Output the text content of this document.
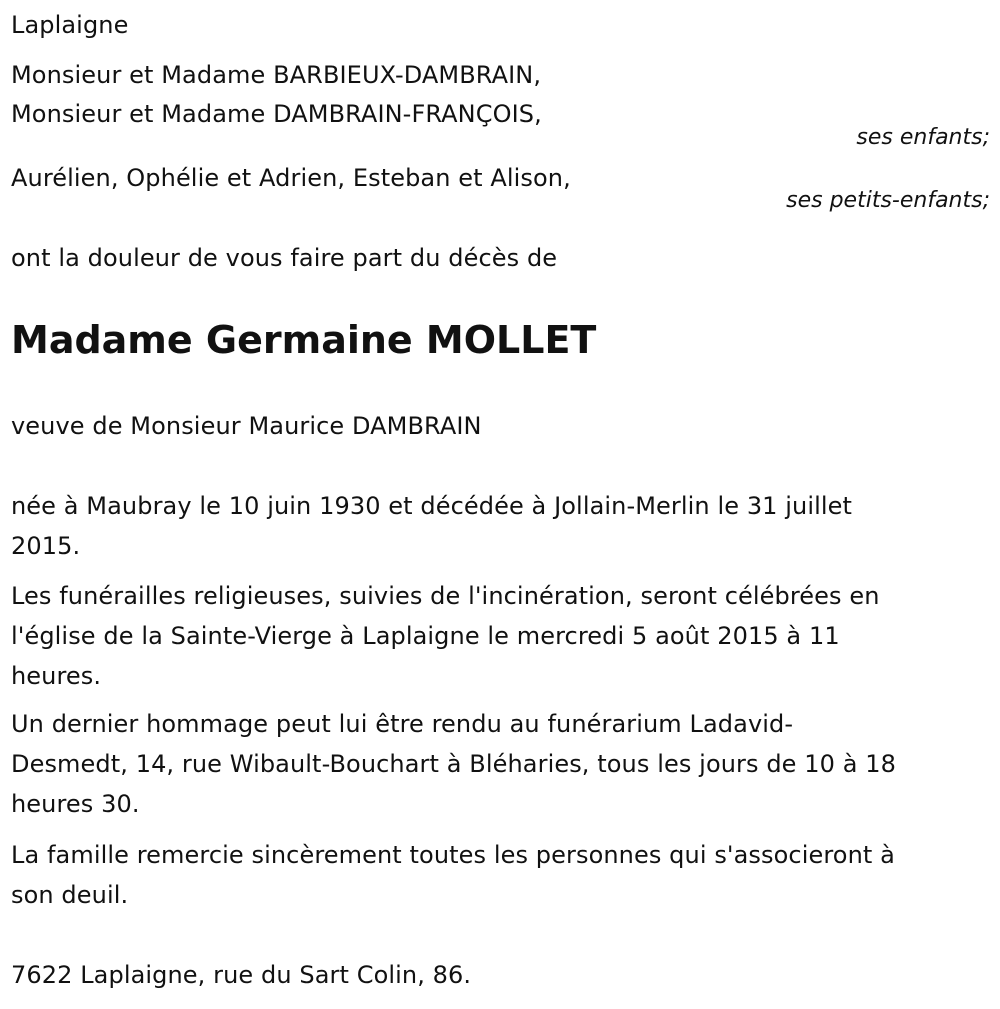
Laplaigne
Monsieur et Madame BARBIEUX-DAMBRAIN,
Monsieur et Madame DAMBRAIN-FRANÇOIS,
ses enfants;
Aurélien, Ophélie et Adrien, Esteban et Alison,
ses petits-enfants;
ont la douleur de vous faire part du décès de
Madame Germaine MOLLET
veuve de Monsieur Maurice DAMBRAIN
née à Maubray le 10 juin 1930 et décédée à Jollain-Merlin le 31 juillet
2015.
Les funérailles religieuses, suivies de l'incinération, seront célébrées en
l'église de la Sainte-Vierge à Laplaigne le mercredi 5 août 2015 à 11
heures.
Un dernier hommage peut lui être rendu au funérarium Ladavid-
Desmedt, 14, rue Wibault-Bouchart à Bléharies, tous les jours de 10 à 18
heures 30.
La famille remercie sincèrement toutes les personnes qui s'associeront à
son deuil.
7622 Laplaigne, rue du Sart Colin, 86.
